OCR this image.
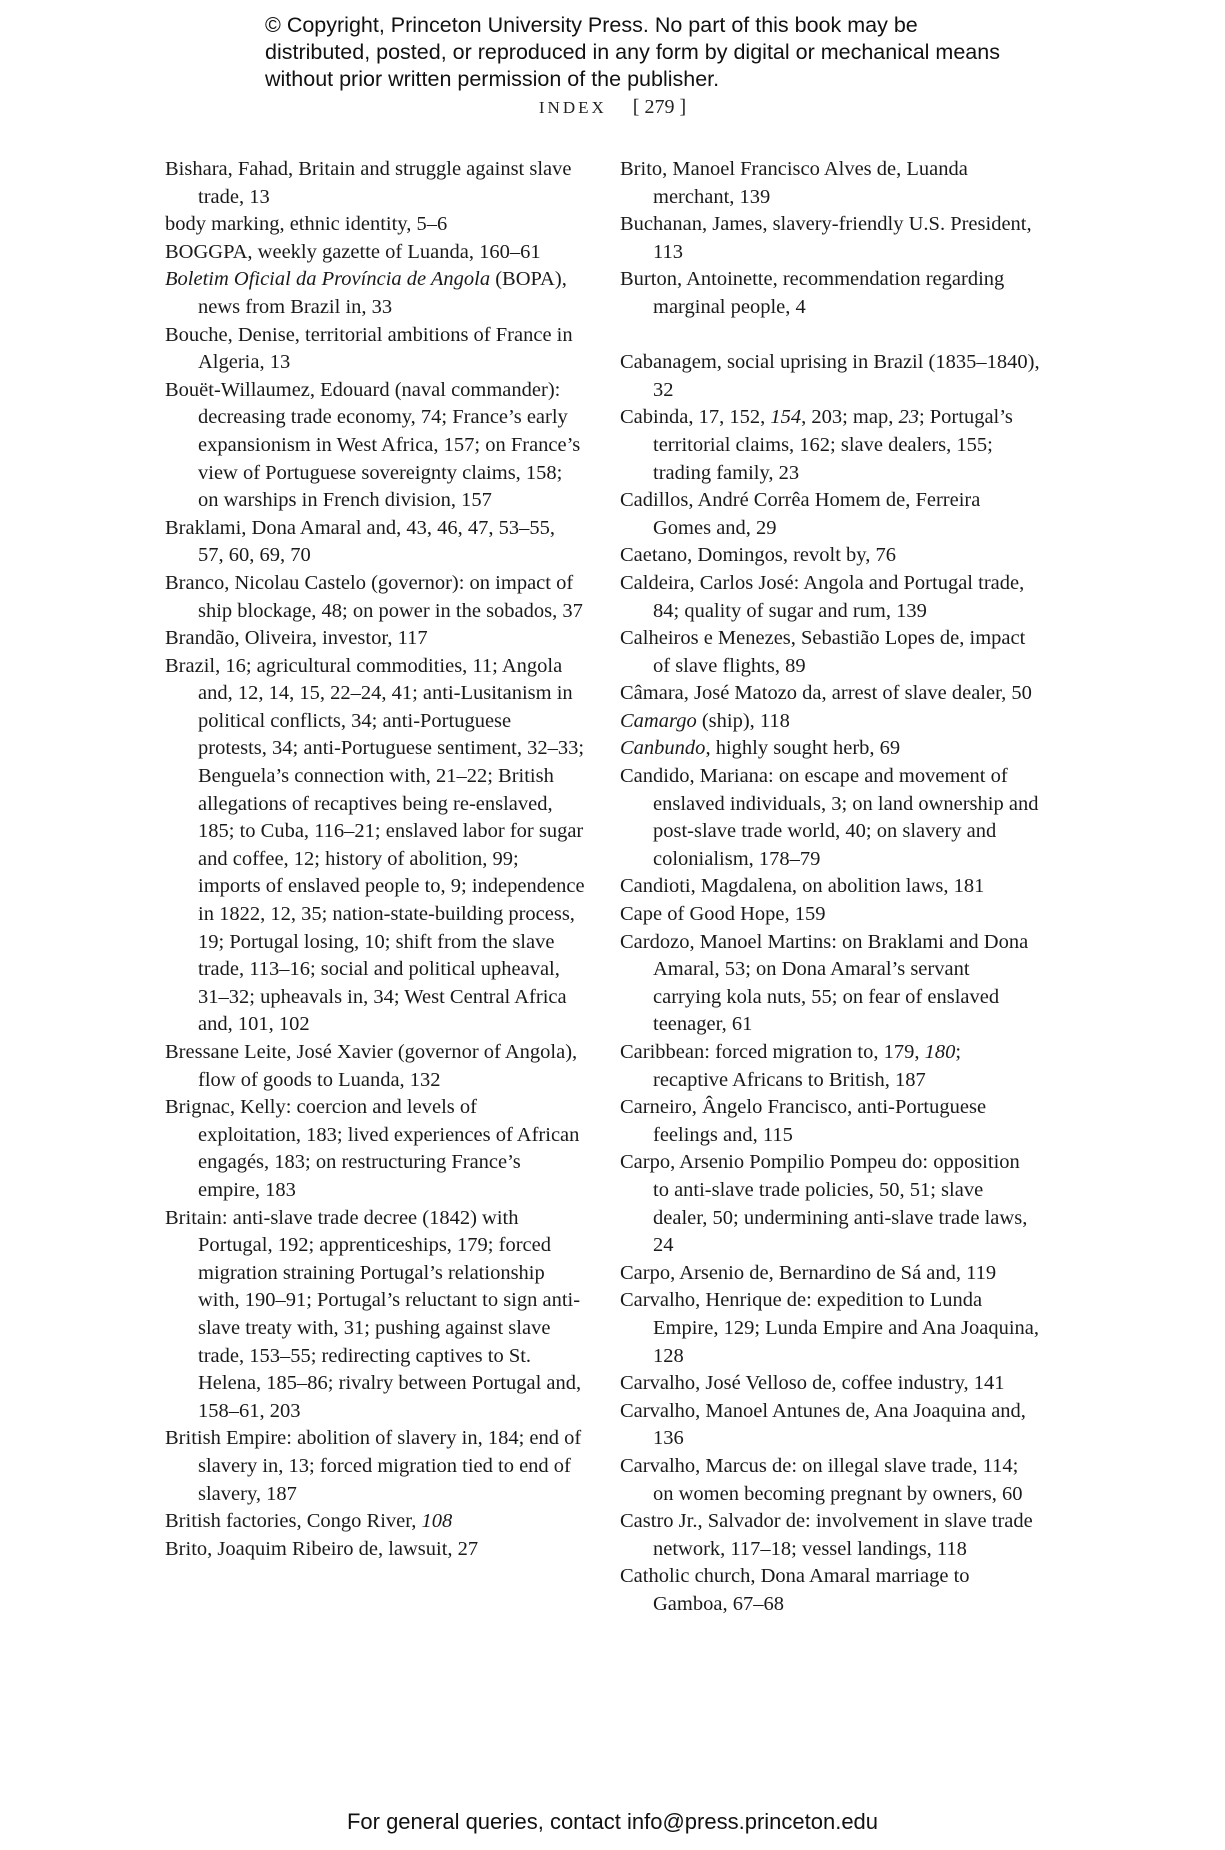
© Copyright, Princeton University Press. No part of this book may be distributed, posted, or reproduced in any form by digital or mechanical means without prior written permission of the publisher.

INDEX [ 279 ]

Bishara, Fahad, Britain and struggle against slave trade, 13

body marking, ethnic identity, 5–6

BOGGPA, weekly gazette of Luanda, 160–61

Boletim Oficial da Província de Angola (BOPA), news from Brazil in, 33

Bouche, Denise, territorial ambitions of France in Algeria, 13

Bouët-Willaumez, Edouard (naval commander): decreasing trade economy, 74; France’s early expansionism in West Africa, 157; on France’s view of Portuguese sovereignty claims, 158; on warships in French division, 157

Braklami, Dona Amaral and, 43, 46, 47, 53–55, 57, 60, 69, 70

Branco, Nicolau Castelo (governor): on impact of ship blockage, 48; on power in the sobados, 37

Brandão, Oliveira, investor, 117

Brazil, 16; agricultural commodities, 11; Angola and, 12, 14, 15, 22–24, 41; anti-Lusitanism in political conflicts, 34; anti-Portuguese protests, 34; anti-Portuguese sentiment, 32–33; Benguela’s connection with, 21–22; British allegations of recaptives being re-enslaved, 185; to Cuba, 116–21; enslaved labor for sugar and coffee, 12; history of abolition, 99; imports of enslaved people to, 9; independence in 1822, 12, 35; nation-state-building process, 19; Portugal losing, 10; shift from the slave trade, 113–16; social and political upheaval, 31–32; upheavals in, 34; West Central Africa and, 101, 102

Bressane Leite, José Xavier (governor of Angola), flow of goods to Luanda, 132

Brignac, Kelly: coercion and levels of exploitation, 183; lived experiences of African engagés, 183; on restructuring France’s empire, 183

Britain: anti-slave trade decree (1842) with Portugal, 192; apprenticeships, 179; forced migration straining Portugal’s relationship with, 190–91; Portugal’s reluctant to sign anti-slave treaty with, 31; pushing against slave trade, 153–55; redirecting captives to St. Helena, 185–86; rivalry between Portugal and, 158–61, 203

British Empire: abolition of slavery in, 184; end of slavery in, 13; forced migration tied to end of slavery, 187

British factories, Congo River, 108

Brito, Joaquim Ribeiro de, lawsuit, 27

Brito, Manoel Francisco Alves de, Luanda merchant, 139

Buchanan, James, slavery-friendly U.S. President, 113

Burton, Antoinette, recommendation regarding marginal people, 4

Cabanagem, social uprising in Brazil (1835–1840), 32

Cabinda, 17, 152, 154, 203; map, 23; Portugal’s territorial claims, 162; slave dealers, 155; trading family, 23

Cadillos, André Corrêa Homem de, Ferreira Gomes and, 29

Caetano, Domingos, revolt by, 76

Caldeira, Carlos José: Angola and Portugal trade, 84; quality of sugar and rum, 139

Calheiros e Menezes, Sebastião Lopes de, impact of slave flights, 89

Câmara, José Matozo da, arrest of slave dealer, 50

Camargo (ship), 118

Canbundo, highly sought herb, 69

Candido, Mariana: on escape and movement of enslaved individuals, 3; on land ownership and post-slave trade world, 40; on slavery and colonialism, 178–79

Candioti, Magdalena, on abolition laws, 181

Cape of Good Hope, 159

Cardozo, Manoel Martins: on Braklami and Dona Amaral, 53; on Dona Amaral’s servant carrying kola nuts, 55; on fear of enslaved teenager, 61

Caribbean: forced migration to, 179, 180; recaptive Africans to British, 187

Carneiro, Ângelo Francisco, anti-Portuguese feelings and, 115

Carpo, Arsenio Pompilio Pompeu do: opposition to anti-slave trade policies, 50, 51; slave dealer, 50; undermining anti-slave trade laws, 24

Carpo, Arsenio de, Bernardino de Sá and, 119

Carvalho, Henrique de: expedition to Lunda Empire, 129; Lunda Empire and Ana Joaquina, 128

Carvalho, José Velloso de, coffee industry, 141

Carvalho, Manoel Antunes de, Ana Joaquina and, 136

Carvalho, Marcus de: on illegal slave trade, 114; on women becoming pregnant by owners, 60

Castro Jr., Salvador de: involvement in slave trade network, 117–18; vessel landings, 118

Catholic church, Dona Amaral marriage to Gamboa, 67–68

For general queries, contact info@press.princeton.edu
